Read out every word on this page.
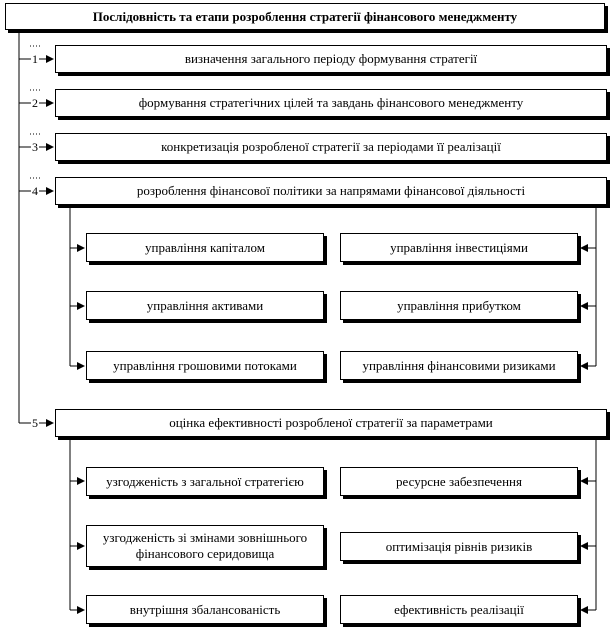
Послідовність та етапи розроблення стратегії фінансового менеджменту
1
2
3
4
5
визначення загального періоду формування стратегії
формування стратегічних цілей та завдань фінансового менеджменту
конкретизація розробленої стратегії за періодами її реалізації
розроблення фінансової політики за напрямами фінансової діяльності
управління капіталом
управління активами
управління грошовими потоками
управління інвестиціями
управління прибутком
управління фінансовими ризиками
оцінка ефективності розробленої стратегії за параметрами
узгодженість з загальної стратегією
узгодженість зі змінами зовнішнього фінансового серидовища
внутрішня збалансованість
ресурсне забезпечення
оптимізація рівнів ризиків
ефективність реалізації
